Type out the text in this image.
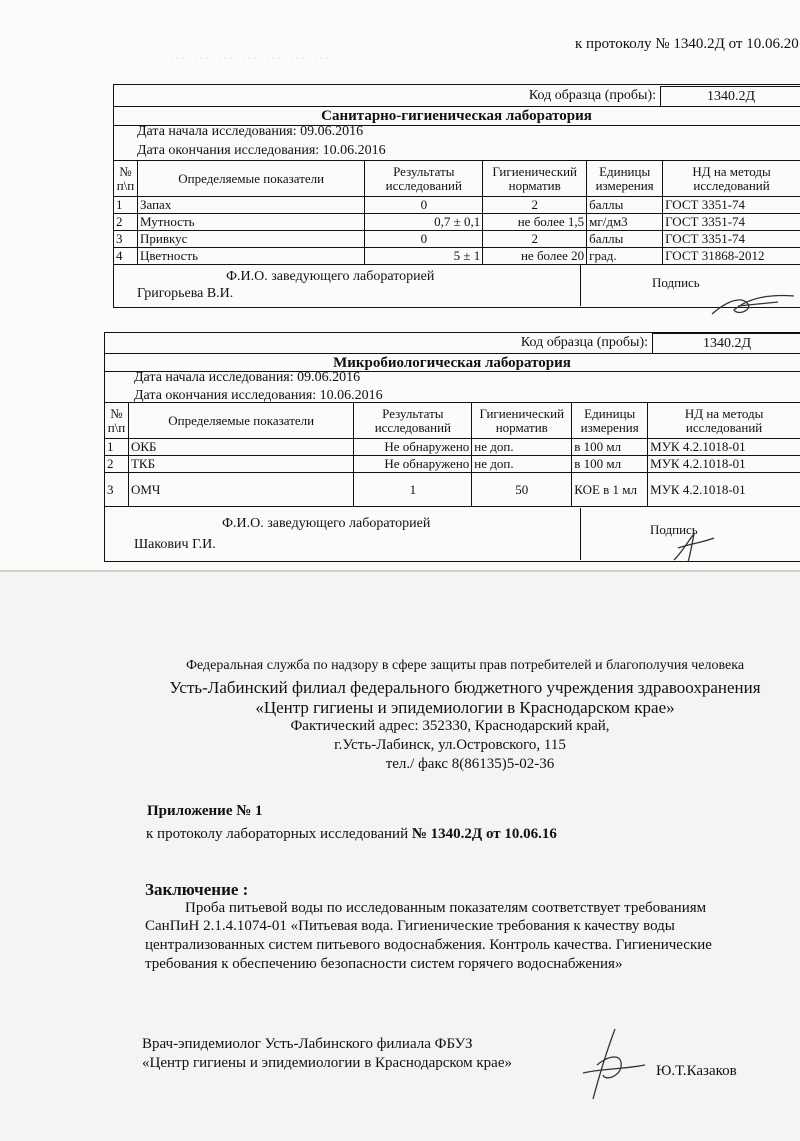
. . . . . . . . . . . . . . . . . . . . . . . . . . .
к протоколу № 1340.2Д от 10.06.20
Код образца (пробы):	1340.2Д
Санитарно-гигиеническая лаборатория
Дата начала исследования: 09.06.2016
Дата окончания исследования: 10.06.2016
№ п\п	Определяемые показатели	Результаты исследований	Гигиенический норматив	Единицы измерения	НД на методы исследований
1	Запах	0	2	баллы	ГОСТ 3351-74
2	Мутность	0,7 ± 0,1	не более 1,5	мг/дм3	ГОСТ 3351-74
3	Привкус	0	2	баллы	ГОСТ 3351-74
4	Цветность	5 ± 1	не более 20	град.	ГОСТ 31868-2012
Ф.И.О. заведующего лабораторией
Григорьева В.И.
Подпись
Код образца (пробы):	1340.2Д
Микробиологическая лаборатория
Дата начала исследования: 09.06.2016
Дата окончания исследования: 10.06.2016
№ п\п	Определяемые показатели	Результаты исследований	Гигиенический норматив	Единицы измерения	НД на методы исследований
1	ОКБ	Не обнаружено	не доп.	в 100 мл	МУК 4.2.1018-01
2	ТКБ	Не обнаружено	не доп.	в 100 мл	МУК 4.2.1018-01
3	ОМЧ	1	50	КОЕ в 1 мл	МУК 4.2.1018-01
Ф.И.О. заведующего лабораторией
Шакович Г.И.
Подпись
Федеральная служба по надзору в сфере защиты прав потребителей и благополучия человека
Усть-Лабинский филиал федерального бюджетного учреждения здравоохранения
«Центр гигиены и эпидемиологии в Краснодарском крае»
Фактический адрес: 352330, Краснодарский край,
г.Усть-Лабинск, ул.Островского, 115
тел./ факс 8(86135)5-02-36
Приложение № 1
к протоколу лабораторных исследований № 1340.2Д от 10.06.16
Заключение :
Проба питьевой воды по исследованным показателям соответствует требованиям
СанПиН 2.1.4.1074-01 «Питьевая вода. Гигиенические требования к качеству воды
централизованных систем питьевого водоснабжения. Контроль качества. Гигиенические
требования к обеспечению безопасности систем горячего водоснабжения»
Врач-эпидемиолог Усть-Лабинского филиала ФБУЗ
«Центр гигиены и эпидемиологии в Краснодарском крае»	Ю.Т.Казаков
